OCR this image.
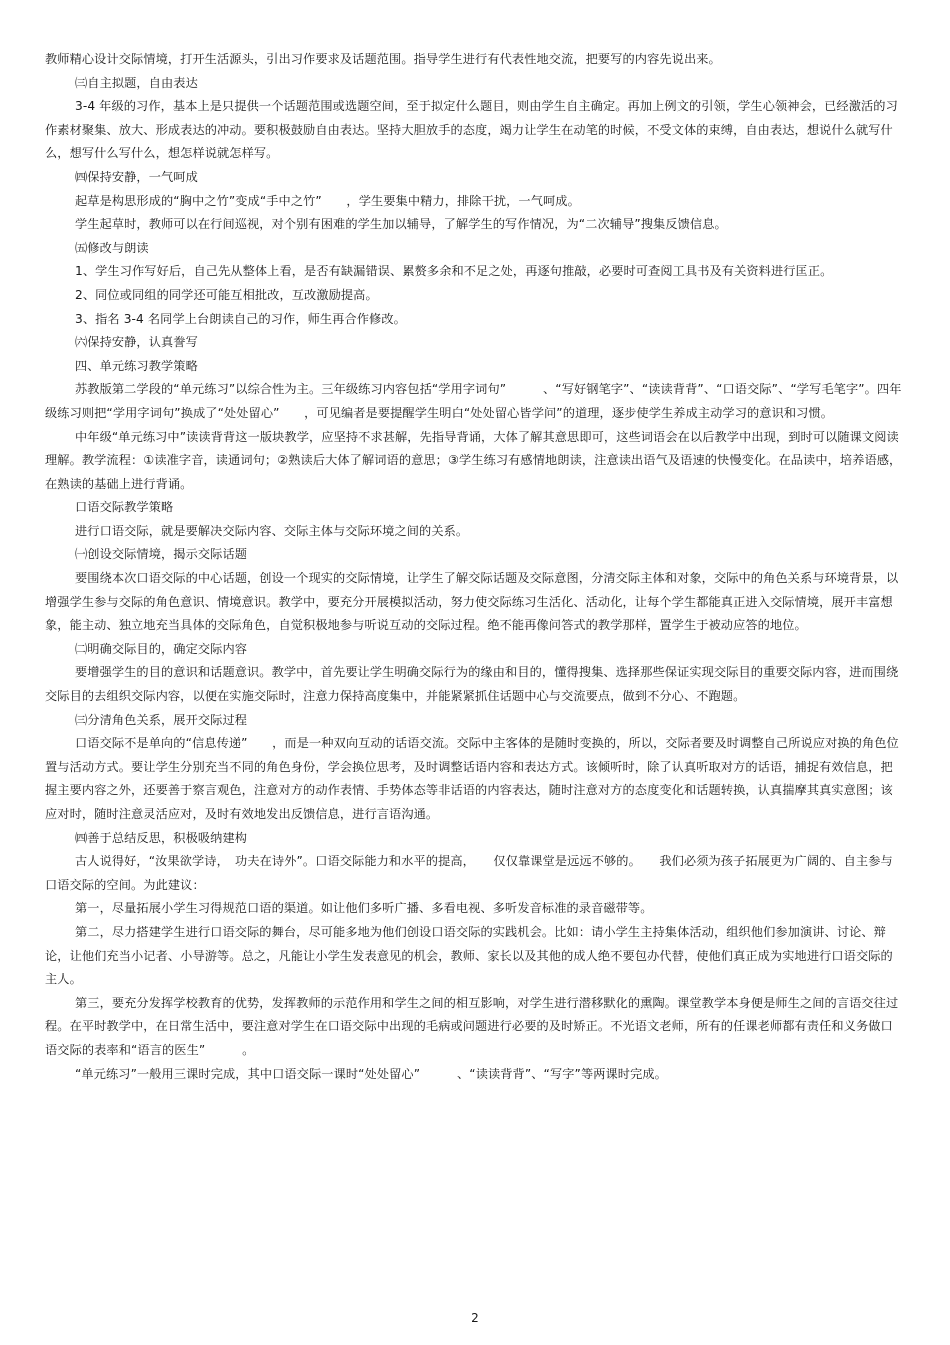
教师精心设计交际情境，打开生活源头，引出习作要求及话题范围。指导学生进行有代表性地交流，把要写的内容先说出来。

㈢自主拟题，自由表达

3-4 年级的习作，基本上是只提供一个话题范围或选题空间，至于拟定什么题目，则由学生自主确定。再加上例文的引领，学生心领神会，已经激活的习作素材聚集、放大、形成表达的冲动。要积极鼓励自由表达。坚持大胆放手的态度，竭力让学生在动笔的时候，不受文体的束缚，自由表达，想说什么就写什么，想写什么写什么，想怎样说就怎样写。

㈣保持安静，一气呵成

起草是构思形成的“胸中之竹”变成“手中之竹”　　，学生要集中精力，排除干扰，一气呵成。

学生起草时，教师可以在行间巡视，对个别有困难的学生加以辅导，了解学生的写作情况，为“二次辅导”搜集反馈信息。

㈤修改与朗读

1、学生习作写好后，自己先从整体上看，是否有缺漏错误、累赘多余和不足之处，再逐句推敲，必要时可查阅工具书及有关资料进行匡正。

2、同位或同组的同学还可能互相批改，互改激励提高。

3、指名 3-4 名同学上台朗读自己的习作，师生再合作修改。

㈥保持安静，认真誊写

四、单元练习教学策略

苏教版第二学段的“单元练习”以综合性为主。三年级练习内容包括“学用字词句”　　　、“写好钢笔字”、“读读背背”、“口语交际”、“学写毛笔字”。四年级练习则把“学用字词句”换成了“处处留心”　　，可见编者是要提醒学生明白“处处留心皆学问”的道理，逐步使学生养成主动学习的意识和习惯。

中年级“单元练习中”读读背背这一版块教学，应坚持不求甚解，先指导背诵，大体了解其意思即可，这些词语会在以后教学中出现，到时可以随课文阅读理解。教学流程：①读准字音，读通词句；②熟读后大体了解词语的意思；③学生练习有感情地朗读，注意读出语气及语速的快慢变化。在品读中，培养语感，在熟读的基础上进行背诵。

口语交际教学策略

进行口语交际，就是要解决交际内容、交际主体与交际环境之间的关系。

㈠创设交际情境，揭示交际话题

要围绕本次口语交际的中心话题，创设一个现实的交际情境，让学生了解交际话题及交际意图，分清交际主体和对象，交际中的角色关系与环境背景，以增强学生参与交际的角色意识、情境意识。教学中，要充分开展模拟活动，努力使交际练习生活化、活动化，让每个学生都能真正进入交际情境，展开丰富想象，能主动、独立地充当具体的交际角色，自觉积极地参与听说互动的交际过程。绝不能再像问答式的教学那样，置学生于被动应答的地位。

㈡明确交际目的，确定交际内容

要增强学生的目的意识和话题意识。教学中，首先要让学生明确交际行为的缘由和目的，懂得搜集、选择那些保证实现交际目的重要交际内容，进而围绕交际目的去组织交际内容，以便在实施交际时，注意力保持高度集中，并能紧紧抓住话题中心与交流要点，做到不分心、不跑题。

㈢分清角色关系，展开交际过程

口语交际不是单向的“信息传递”　　，而是一种双向互动的话语交流。交际中主客体的是随时变换的，所以，交际者要及时调整自己所说应对换的角色位置与活动方式。要让学生分别充当不同的角色身份，学会换位思考，及时调整话语内容和表达方式。该倾听时，除了认真听取对方的话语，捕捉有效信息，把握主要内容之外，还要善于察言观色，注意对方的动作表情、手势体态等非话语的内容表达，随时注意对方的态度变化和话题转换，认真揣摩其真实意图；该应对时，随时注意灵活应对，及时有效地发出反馈信息，进行言语沟通。

㈣善于总结反思，积极吸纳建构

古人说得好，“汝果欲学诗，　功夫在诗外”。口语交际能力和水平的提高，　　仅仅靠课堂是远远不够的。　　我们必须为孩子拓展更为广阔的、自主参与口语交际的空间。为此建议：

第一，尽量拓展小学生习得规范口语的渠道。如让他们多听广播、多看电视、多听发音标准的录音磁带等。

第二，尽力搭建学生进行口语交际的舞台，尽可能多地为他们创设口语交际的实践机会。比如：请小学生主持集体活动，组织他们参加演讲、讨论、辩论，让他们充当小记者、小导游等。总之，凡能让小学生发表意见的机会，教师、家长以及其他的成人绝不要包办代替，使他们真正成为实地进行口语交际的主人。

第三，要充分发挥学校教育的优势，发挥教师的示范作用和学生之间的相互影响，对学生进行潜移默化的熏陶。课堂教学本身便是师生之间的言语交往过程。在平时教学中，在日常生活中，要注意对学生在口语交际中出现的毛病或问题进行必要的及时矫正。不光语文老师，所有的任课老师都有责任和义务做口语交际的表率和“语言的医生”　　　。

“单元练习”一般用三课时完成，其中口语交际一课时“处处留心”　　　、“读读背背”、“写字”等两课时完成。

2
